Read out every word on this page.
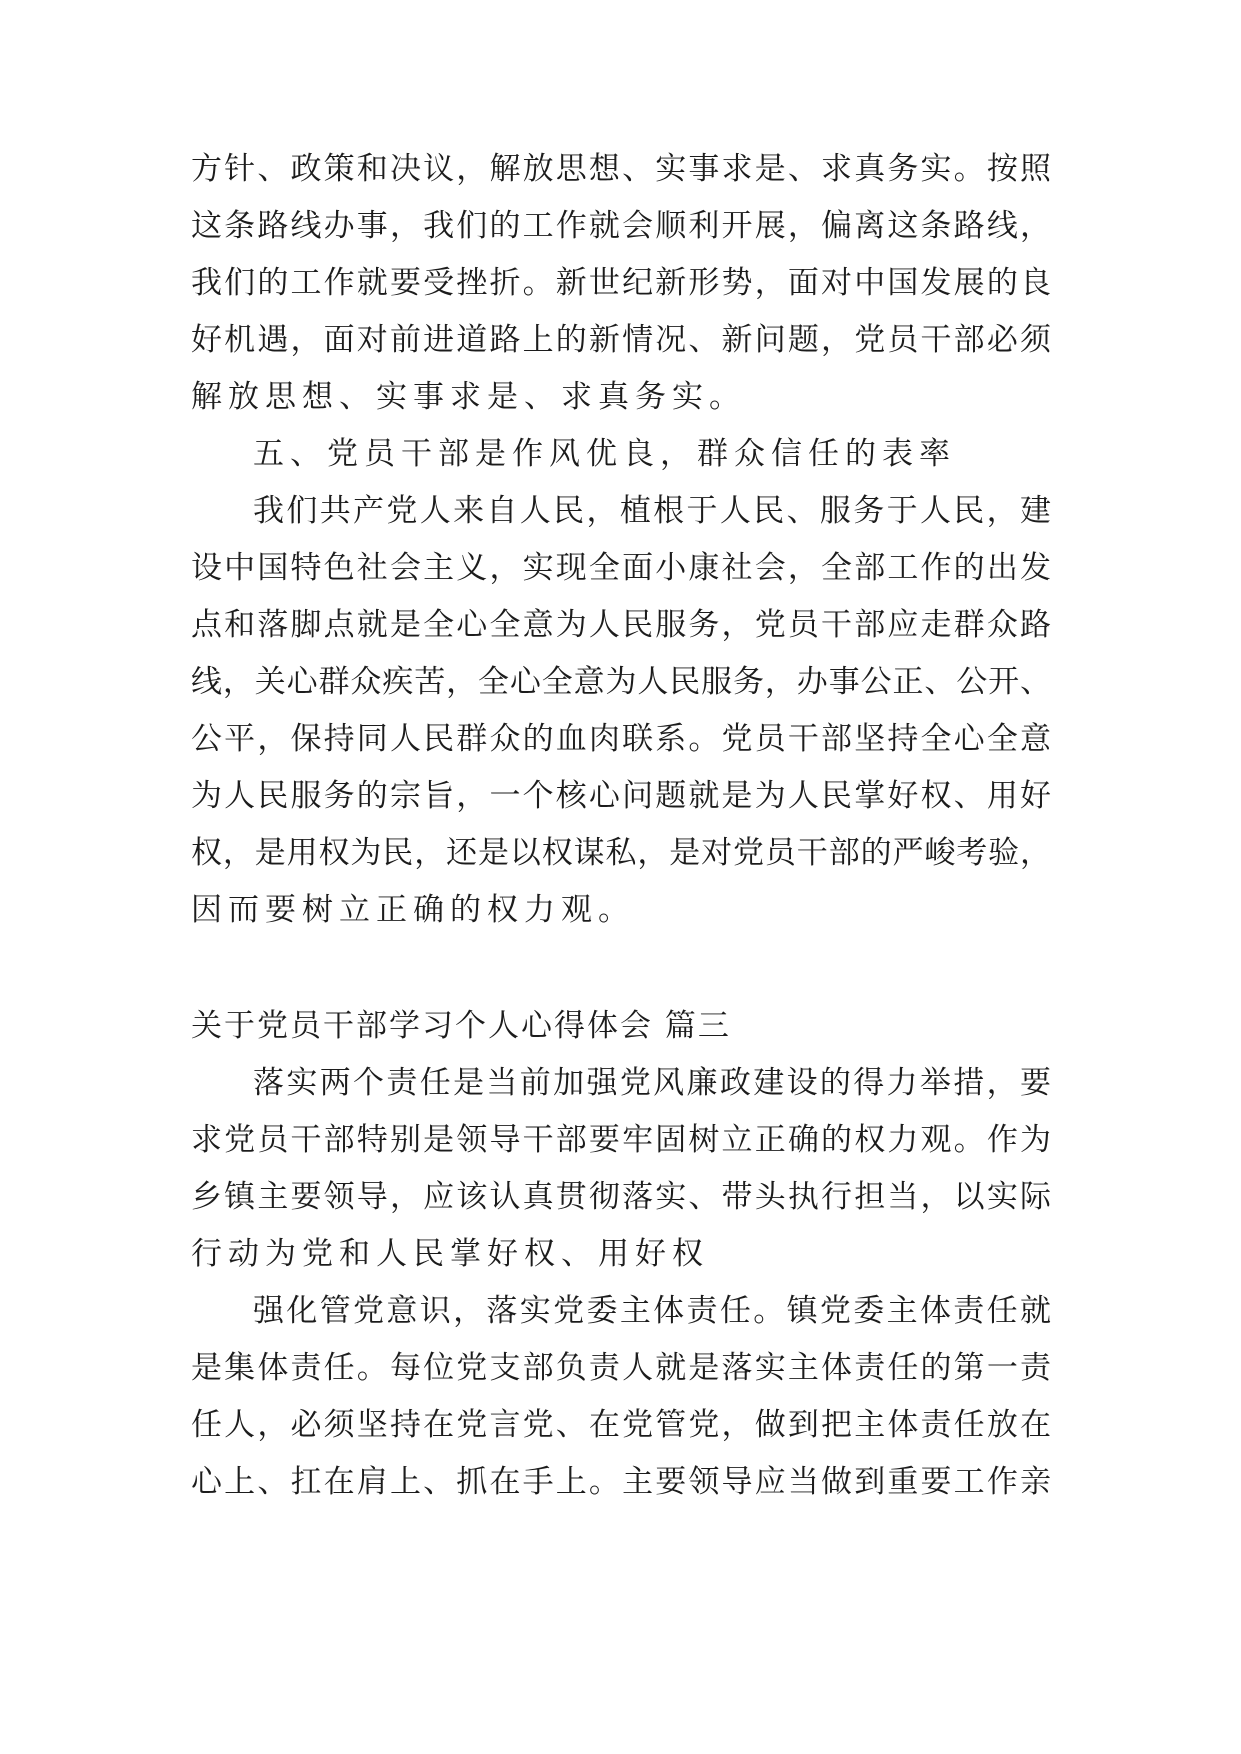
方针、政策和决议，解放思想、实事求是、求真务实。按照
这条路线办事，我们的工作就会顺利开展，偏离这条路线，
我们的工作就要受挫折。新世纪新形势，面对中国发展的良
好机遇，面对前进道路上的新情况、新问题，党员干部必须
解放思想、实事求是、求真务实。
五、党员干部是作风优良，群众信任的表率
我们共产党人来自人民，植根于人民、服务于人民，建
设中国特色社会主义，实现全面小康社会，全部工作的出发
点和落脚点就是全心全意为人民服务，党员干部应走群众路
线，关心群众疾苦，全心全意为人民服务，办事公正、公开、
公平，保持同人民群众的血肉联系。党员干部坚持全心全意
为人民服务的宗旨，一个核心问题就是为人民掌好权、用好
权，是用权为民，还是以权谋私，是对党员干部的严峻考验，
因而要树立正确的权力观。
关于党员干部学习个人心得体会 篇三
落实两个责任是当前加强党风廉政建设的得力举措，要
求党员干部特别是领导干部要牢固树立正确的权力观。作为
乡镇主要领导，应该认真贯彻落实、带头执行担当，以实际
行动为党和人民掌好权、用好权
强化管党意识，落实党委主体责任。镇党委主体责任就
是集体责任。每位党支部负责人就是落实主体责任的第一责
任人，必须坚持在党言党、在党管党，做到把主体责任放在
心上、扛在肩上、抓在手上。主要领导应当做到重要工作亲
